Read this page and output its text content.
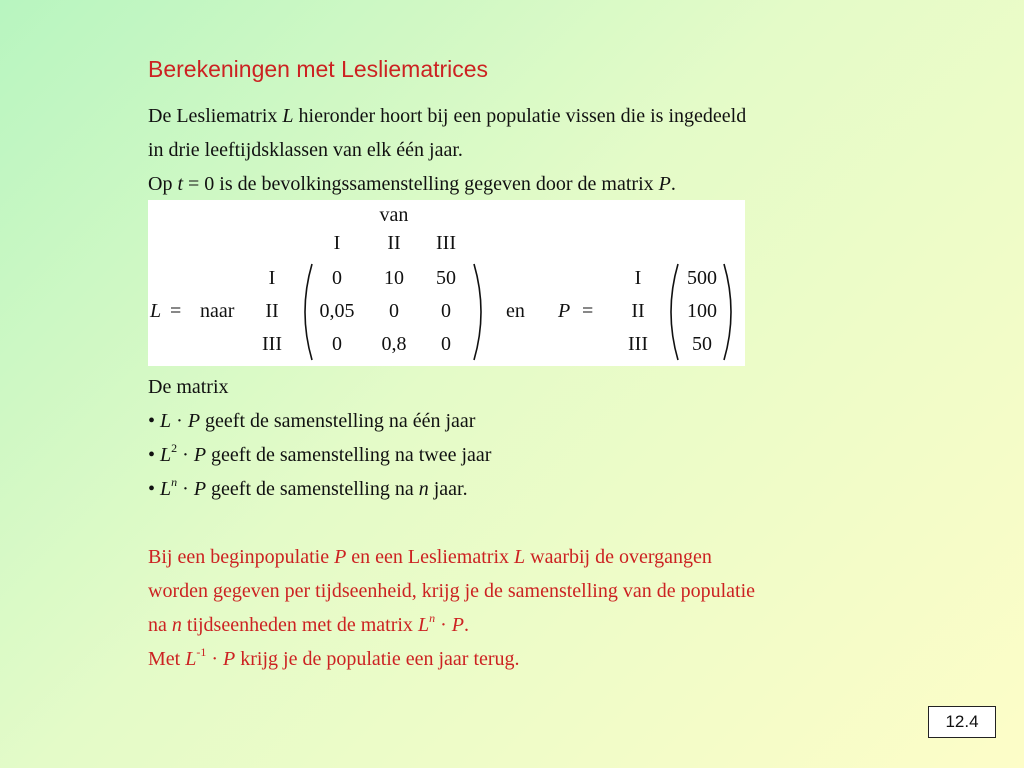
Berekeningen met Lesliematrices
De Lesliematrix L hieronder hoort bij een populatie vissen die is ingedeeld
in drie leeftijdsklassen van elk één jaar.
Op t = 0 is de bevolkingssamenstelling gegeven door de matrix P.
van
I II III
L = naar
I
II
III
0 10 50
0,05 0 0
0 0,8 0
en P =
I
II
III
500
100
50
De matrix
• L · P geeft de samenstelling na één jaar
• $L^2 \cdot P$ geeft de samenstelling na twee jaar
• $L^n \cdot P$ geeft de samenstelling na n jaar.
Bij een beginpopulatie P en een Lesliematrix L waarbij de overgangen
worden gegeven per tijdseenheid, krijg je de samenstelling van de populatie
na n tijdseenheden met de matrix $L^n \cdot P$.
Met $L^{-1} \cdot P$ krijg je de populatie een jaar terug.
12.4
